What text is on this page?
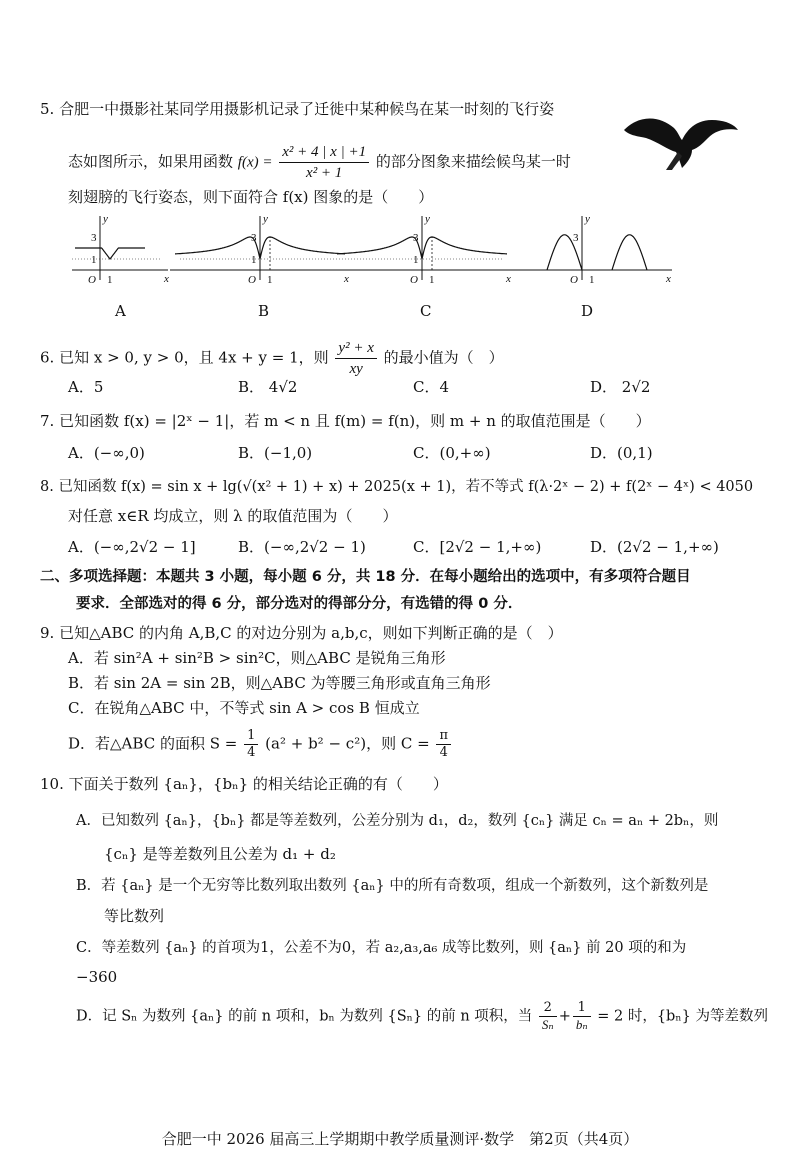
5. 合肥一中摄影社某同学用摄影机记录了迁徙中某种候鸟在某一时刻的飞行姿
态如图所示，如果用函数 $f(x) = \frac{\text{x² + 4 | x | +1}}{\text{x² + 1}}$ 的部分图象来描绘候鸟某一时
刻翅膀的飞行姿态，则下面符合 f(x) 图象的是（　　）
y
x
O 1
3
1
y
x
O 1
3
1
y
x
O 1
3
1
y
x
O 1
3
A	B	C	D
6. 已知 x > 0, y > 0，且 4x + y = 1，则 $\frac{\text{y² + x}}{xy}$ 的最小值为（　）
A．5	B． 4√2	C．4	D． 2√2
7. 已知函数 f(x) = |2ˣ − 1|，若 m < n 且 f(m) = f(n)，则 m + n 的取值范围是（　　）
A．(−∞,0)	B．(−1,0)	C．(0,+∞)	D．(0,1)
8. 已知函数 f(x) = sin x + lg(√(x² + 1) + x) + 2025(x + 1)，若不等式 f(λ·2ˣ − 2) + f(2ˣ − 4ˣ) < 4050
对任意 x∈R 均成立，则 λ 的取值范围为（　　）
A．(−∞,2√2 − 1]	B．(−∞,2√2 − 1)	C．[2√2 − 1,+∞)	D．(2√2 − 1,+∞)
二、多项选择题：本题共 3 小题，每小题 6 分，共 18 分．在每小题给出的选项中，有多项符合题目
要求．全部选对的得 6 分，部分选对的得部分分，有选错的得 0 分．
9. 已知△ABC 的内角 A,B,C 的对边分别为 a,b,c，则如下判断正确的是（　）
A．若 sin²A + sin²B > sin²C，则△ABC 是锐角三角形
B．若 sin 2A = sin 2B，则△ABC 为等腰三角形或直角三角形
C．在锐角△ABC 中，不等式 sin A > cos B 恒成立
D．若△ABC 的面积 $S = \frac{1}{4} (a^2 + b^2 - c^2)$，则 $C = \frac{\pi}{4}$
10. 下面关于数列 {aₙ}，{bₙ} 的相关结论正确的有（　　）
A．已知数列 {aₙ}，{bₙ} 都是等差数列，公差分别为 d₁，d₂，数列 {cₙ} 满足 cₙ = aₙ + 2bₙ，则
{cₙ} 是等差数列且公差为 d₁ + d₂
B．若 {aₙ} 是一个无穷等比数列取出数列 {aₙ} 中的所有奇数项，组成一个新数列，这个新数列是
等比数列
C．等差数列 {aₙ} 的首项为1，公差不为0，若 a₂,a₃,a₆ 成等比数列，则 {aₙ} 前 20 项的和为
−360
D．记 Sₙ 为数列 {aₙ} 的前 n 项和，bₙ 为数列 {Sₙ} 的前 n 项积，当 $\frac{2}{\text{Sₙ}} + \frac{1}{\text{bₙ}} = 2$ 时，{bₙ} 为等差数列
合肥一中 2026 届高三上学期期中教学质量测评·数学　第2页（共4页）
